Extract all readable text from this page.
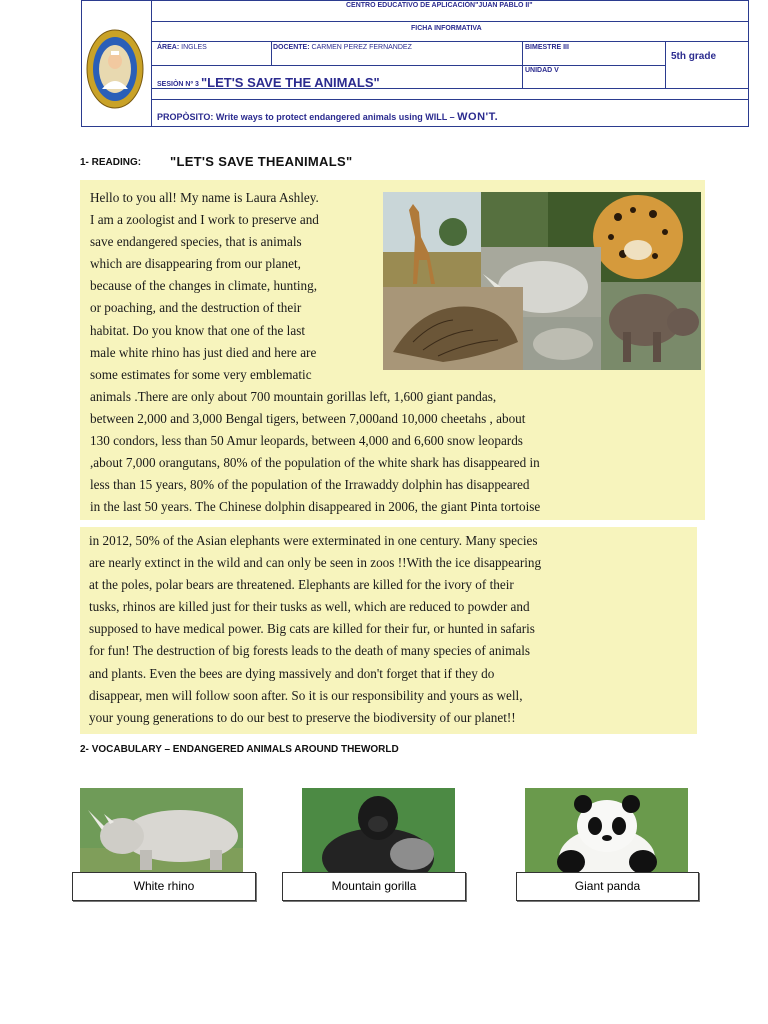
CENTRO EDUCATIVO DE APLICACIÓN"JUAN PABLO II"
FICHA INFORMATIVA
ÁREA: INGLES	DOCENTE: CARMEN PEREZ FERNANDEZ	BIMESTRE III
5th grade
SESIÒN Nº 3 "LET'S SAVE THE ANIMALS"
UNIDAD V
PROPÒSITO: Write ways to protect endangered animals using WILL – WON'T.
1- READING: "LET'S SAVE THEANIMALS"

Hello to you all! My name is Laura Ashley.
I am a zoologist and I work to preserve and
save endangered species, that is animals
which are disappearing from our planet,
because of the changes in climate, hunting,
or poaching, and the destruction of their
habitat. Do you know that one of the last
male white rhino has just died and here are
some estimates for some very emblematic

animals .There are only about 700 mountain gorillas left, 1,600 giant pandas,
between 2,000 and 3,000 Bengal tigers, between 7,000and 10,000 cheetahs , about
130 condors, less than 50 Amur leopards, between 4,000 and 6,600 snow leopards
,about 7,000 orangutans, 80% of the population of the white shark has disappeared in
less than 15 years, 80% of the population of the Irrawaddy dolphin has disappeared
in the last 50 years. The Chinese dolphin disappeared in 2006, the giant Pinta tortoise

in 2012, 50% of the Asian elephants were exterminated in one century. Many species
are nearly extinct in the wild and can only be seen in zoos !!With the ice disappearing
at the poles, polar bears are threatened. Elephants are killed for the ivory of their
tusks, rhinos are killed just for their tusks as well, which are reduced to powder and
supposed to have medical power. Big cats are killed for their fur, or hunted in safaris
for fun! The destruction of big forests leads to the death of many species of animals
and plants. Even the bees are dying massively and don't forget that if they do
disappear, men will follow soon after. So it is our responsibility and yours as well,
your young generations to do our best to preserve the biodiversity of our planet!!

2- VOCABULARY – ENDANGERED ANIMALS AROUND THEWORLD
White rhino	Mountain gorilla	Giant panda
